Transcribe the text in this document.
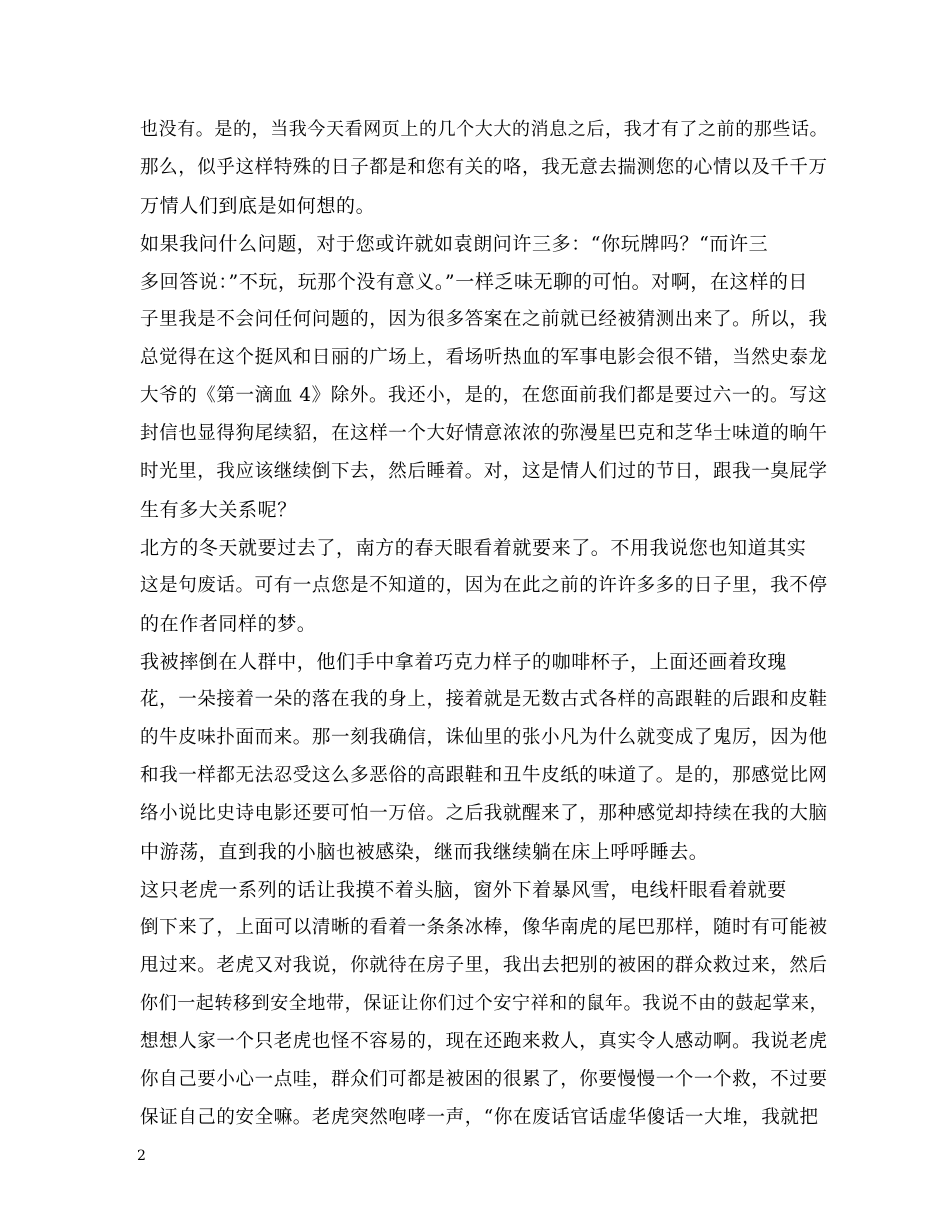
也没有。是的，当我今天看网页上的几个大大的消息之后，我才有了之前的那些话。
那么，似乎这样特殊的日子都是和您有关的咯，我无意去揣测您的心情以及千千万
万情人们到底是如何想的。
如果我问什么问题，对于您或许就如袁朗问许三多：“你玩牌吗？“而许三
多回答说：”不玩，玩那个没有意义。”一样乏味无聊的可怕。对啊，在这样的日
子里我是不会问任何问题的，因为很多答案在之前就已经被猜测出来了。所以，我
总觉得在这个挺风和日丽的广场上，看场听热血的军事电影会很不错，当然史泰龙
大爷的《第一滴血 4》除外。我还小，是的，在您面前我们都是要过六一的。写这
封信也显得狗尾续貂，在这样一个大好情意浓浓的弥漫星巴克和芝华士味道的晌午
时光里，我应该继续倒下去，然后睡着。对，这是情人们过的节日，跟我一臭屁学
生有多大关系呢？
北方的冬天就要过去了，南方的春天眼看着就要来了。不用我说您也知道其实
这是句废话。可有一点您是不知道的，因为在此之前的许许多多的日子里，我不停
的在作者同样的梦。
我被摔倒在人群中，他们手中拿着巧克力样子的咖啡杯子，上面还画着玫瑰
花，一朵接着一朵的落在我的身上，接着就是无数古式各样的高跟鞋的后跟和皮鞋
的牛皮味扑面而来。那一刻我确信，诛仙里的张小凡为什么就变成了鬼厉，因为他
和我一样都无法忍受这么多恶俗的高跟鞋和丑牛皮纸的味道了。是的，那感觉比网
络小说比史诗电影还要可怕一万倍。之后我就醒来了，那种感觉却持续在我的大脑
中游荡，直到我的小脑也被感染，继而我继续躺在床上呼呼睡去。
这只老虎一系列的话让我摸不着头脑，窗外下着暴风雪，电线杆眼看着就要
倒下来了，上面可以清晰的看着一条条冰棒，像华南虎的尾巴那样，随时有可能被
甩过来。老虎又对我说，你就待在房子里，我出去把别的被困的群众救过来，然后
你们一起转移到安全地带，保证让你们过个安宁祥和的鼠年。我说不由的鼓起掌来，
想想人家一个只老虎也怪不容易的，现在还跑来救人，真实令人感动啊。我说老虎
你自己要小心一点哇，群众们可都是被困的很累了，你要慢慢一个一个救，不过要
保证自己的安全嘛。老虎突然咆哮一声，“你在废话官话虚华傻话一大堆，我就把
2
